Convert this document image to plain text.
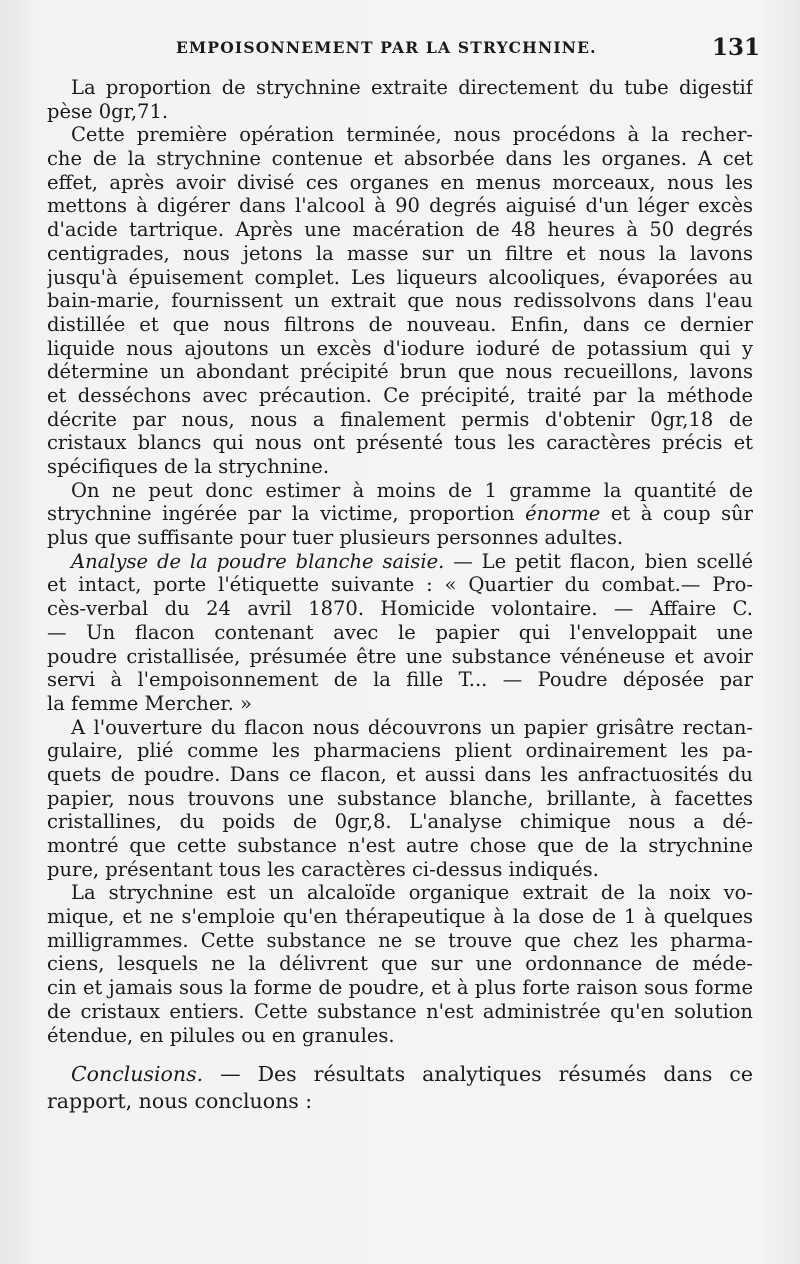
EMPOISONNEMENT PAR LA STRYCHNINE.	131
La proportion de strychnine extraite directement du tube digestif
pèse 0gr,71.
Cette première opération terminée, nous procédons à la recher-
che de la strychnine contenue et absorbée dans les organes. A cet
effet, après avoir divisé ces organes en menus morceaux, nous les
mettons à digérer dans l'alcool à 90 degrés aiguisé d'un léger excès
d'acide tartrique. Après une macération de 48 heures à 50 degrés
centigrades, nous jetons la masse sur un filtre et nous la lavons
jusqu'à épuisement complet. Les liqueurs alcooliques, évaporées au
bain-marie, fournissent un extrait que nous redissolvons dans l'eau
distillée et que nous filtrons de nouveau. Enfin, dans ce dernier
liquide nous ajoutons un excès d'iodure ioduré de potassium qui y
détermine un abondant précipité brun que nous recueillons, lavons
et desséchons avec précaution. Ce précipité, traité par la méthode
décrite par nous, nous a finalement permis d'obtenir 0gr,18 de
cristaux blancs qui nous ont présenté tous les caractères précis et
spécifiques de la strychnine.
On ne peut donc estimer à moins de 1 gramme la quantité de
strychnine ingérée par la victime, proportion énorme et à coup sûr
plus que suffisante pour tuer plusieurs personnes adultes.
Analyse de la poudre blanche saisie. — Le petit flacon, bien scellé
et intact, porte l'étiquette suivante : « Quartier du combat.— Pro-
cès-verbal du 24 avril 1870. Homicide volontaire. — Affaire C.
— Un flacon contenant avec le papier qui l'enveloppait une
poudre cristallisée, présumée être une substance vénéneuse et avoir
servi à l'empoisonnement de la fille T... — Poudre déposée par
la femme Mercher. »
A l'ouverture du flacon nous découvrons un papier grisâtre rectan-
gulaire, plié comme les pharmaciens plient ordinairement les pa-
quets de poudre. Dans ce flacon, et aussi dans les anfractuosités du
papier, nous trouvons une substance blanche, brillante, à facettes
cristallines, du poids de 0gr,8. L'analyse chimique nous a dé-
montré que cette substance n'est autre chose que de la strychnine
pure, présentant tous les caractères ci-dessus indiqués.
La strychnine est un alcaloïde organique extrait de la noix vo-
mique, et ne s'emploie qu'en thérapeutique à la dose de 1 à quelques
milligrammes. Cette substance ne se trouve que chez les pharma-
ciens, lesquels ne la délivrent que sur une ordonnance de méde-
cin et jamais sous la forme de poudre, et à plus forte raison sous forme
de cristaux entiers. Cette substance n'est administrée qu'en solution
étendue, en pilules ou en granules.
Conclusions. — Des résultats analytiques résumés dans ce
rapport, nous concluons :
